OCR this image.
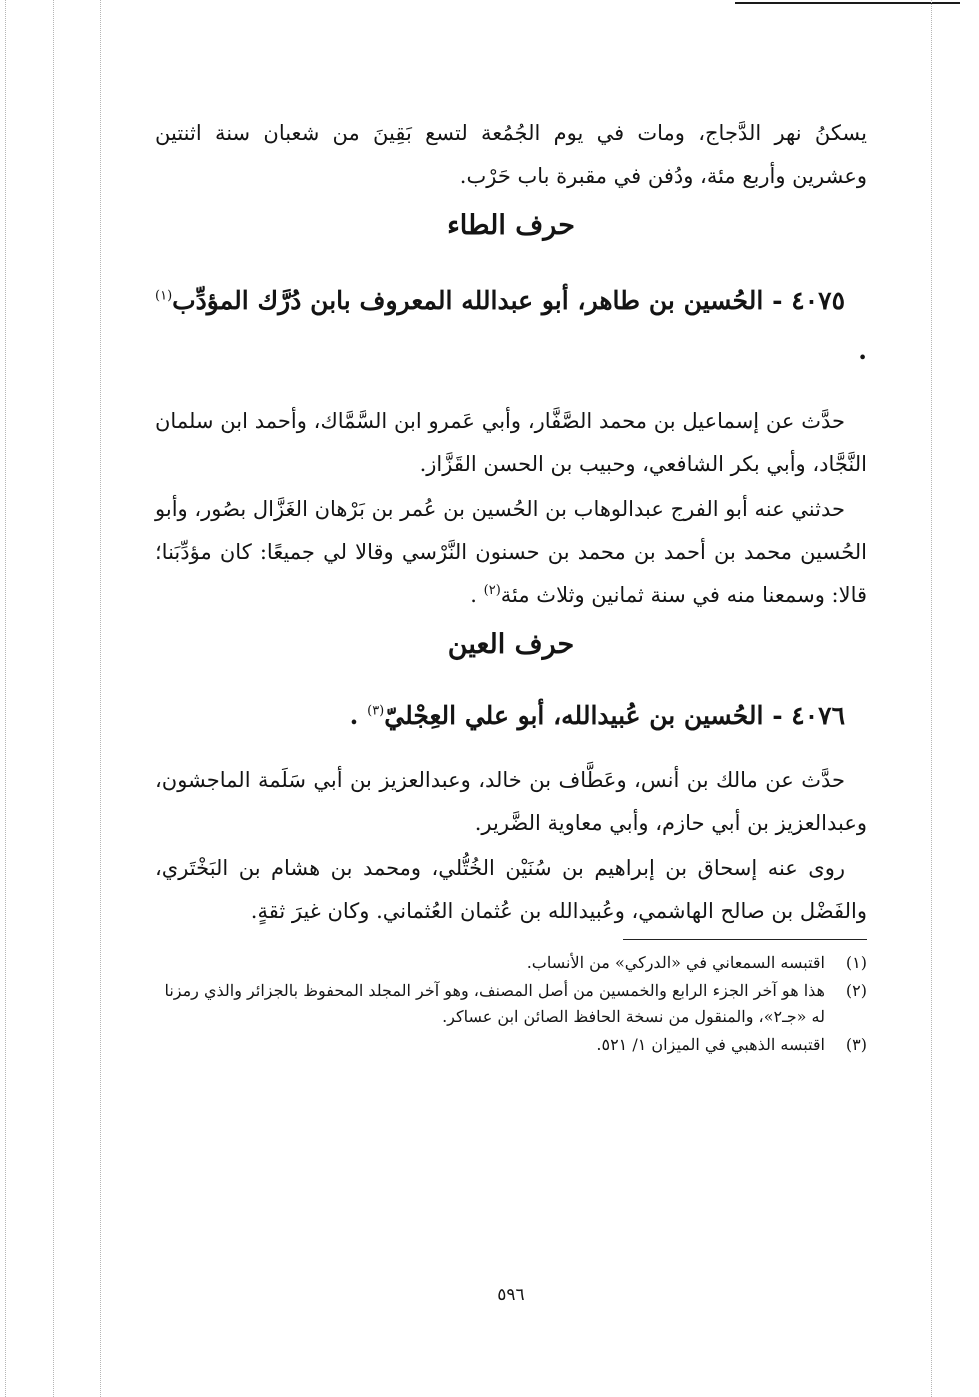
يسكنُ نهر الدَّجاج، ومات في يوم الجُمُعة لتسع بَقِينَ من شعبان سنة اثنتين وعشرين وأربع مئة، ودُفن في مقبرة باب حَرْب.

حرف الطاء
٤٠٧٥ - الحُسين بن طاهر، أبو عبدالله المعروف بابن دُرَّك المؤدِّب$^{(١)}$ .

حدَّث عن إسماعيل بن محمد الصَّفَّار، وأبي عَمرو ابن السَّمَّاك، وأحمد ابن سلمان النَّجَّاد، وأبي بكر الشافعي، وحبيب بن الحسن القَزَّاز.

حدثني عنه أبو الفرج عبدالوهاب بن الحُسين بن عُمر بن بَرْهان الغَزَّال بصُور، وأبو الحُسين محمد بن أحمد بن محمد بن حسنون النَّرْسي وقالا لي جميعًا: كان مؤدِّبَنا؛ قالا: وسمعنا منه في سنة ثمانين وثلاث مئة$^{(٢)}$ .

حرف العين
٤٠٧٦ - الحُسين بن عُبيدالله، أبو علي العِجْليّ$^{(٣)}$ .

حدَّث عن مالك بن أنس، وعَطَّاف بن خالد، وعبدالعزيز بن أبي سَلَمة الماجشون، وعبدالعزيز بن أبي حازم، وأبي معاوية الضَّرير.

روى عنه إسحاق بن إبراهيم بن سُنَيْن الخُتُّلي، ومحمد بن هشام بن البَخْتَري، والفَضْل بن صالح الهاشمي، وعُبيدالله بن عُثمان العُثماني. وكان غيرَ ثقةٍ.

(١)
اقتبسه السمعاني في «الدركي» من الأنساب.
(٢)
هذا هو آخر الجزء الرابع والخمسين من أصل المصنف، وهو آخر المجلد المحفوظ بالجزائر والذي رمزنا له «جـ٢»، والمنقول من نسخة الحافظ الصائن ابن عساكر.
(٣)
اقتبسه الذهبي في الميزان ١/ ٥٢١.
٥٩٦
